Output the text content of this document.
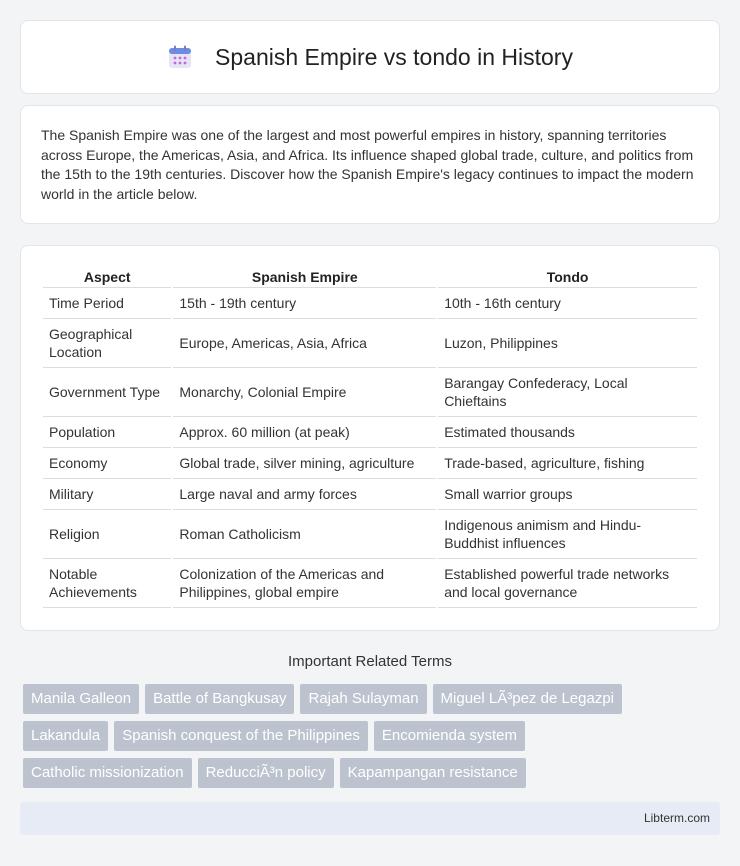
Spanish Empire vs tondo in History

The Spanish Empire was one of the largest and most powerful empires in history, spanning territories across Europe, the Americas, Asia, and Africa. Its influence shaped global trade, culture, and politics from the 15th to the 19th centuries. Discover how the Spanish Empire's legacy continues to impact the modern world in the article below.

Aspect	Spanish Empire	Tondo
Time Period	15th - 19th century	10th - 16th century
Geographical Location	Europe, Americas, Asia, Africa	Luzon, Philippines
Government Type	Monarchy, Colonial Empire	Barangay Confederacy, Local Chieftains
Population	Approx. 60 million (at peak)	Estimated thousands
Economy	Global trade, silver mining, agriculture	Trade-based, agriculture, fishing
Military	Large naval and army forces	Small warrior groups
Religion	Roman Catholicism	Indigenous animism and Hindu-Buddhist influences
Notable Achievements	Colonization of the Americas and Philippines, global empire	Established powerful trade networks and local governance
Important Related Terms
Manila Galleon	Battle of Bangkusay	Rajah Sulayman	Miguel LÃ³pez de Legazpi
Lakandula	Spanish conquest of the Philippines	Encomienda system
Catholic missionization	ReducciÃ³n policy	Kapampangan resistance
Libterm.com
